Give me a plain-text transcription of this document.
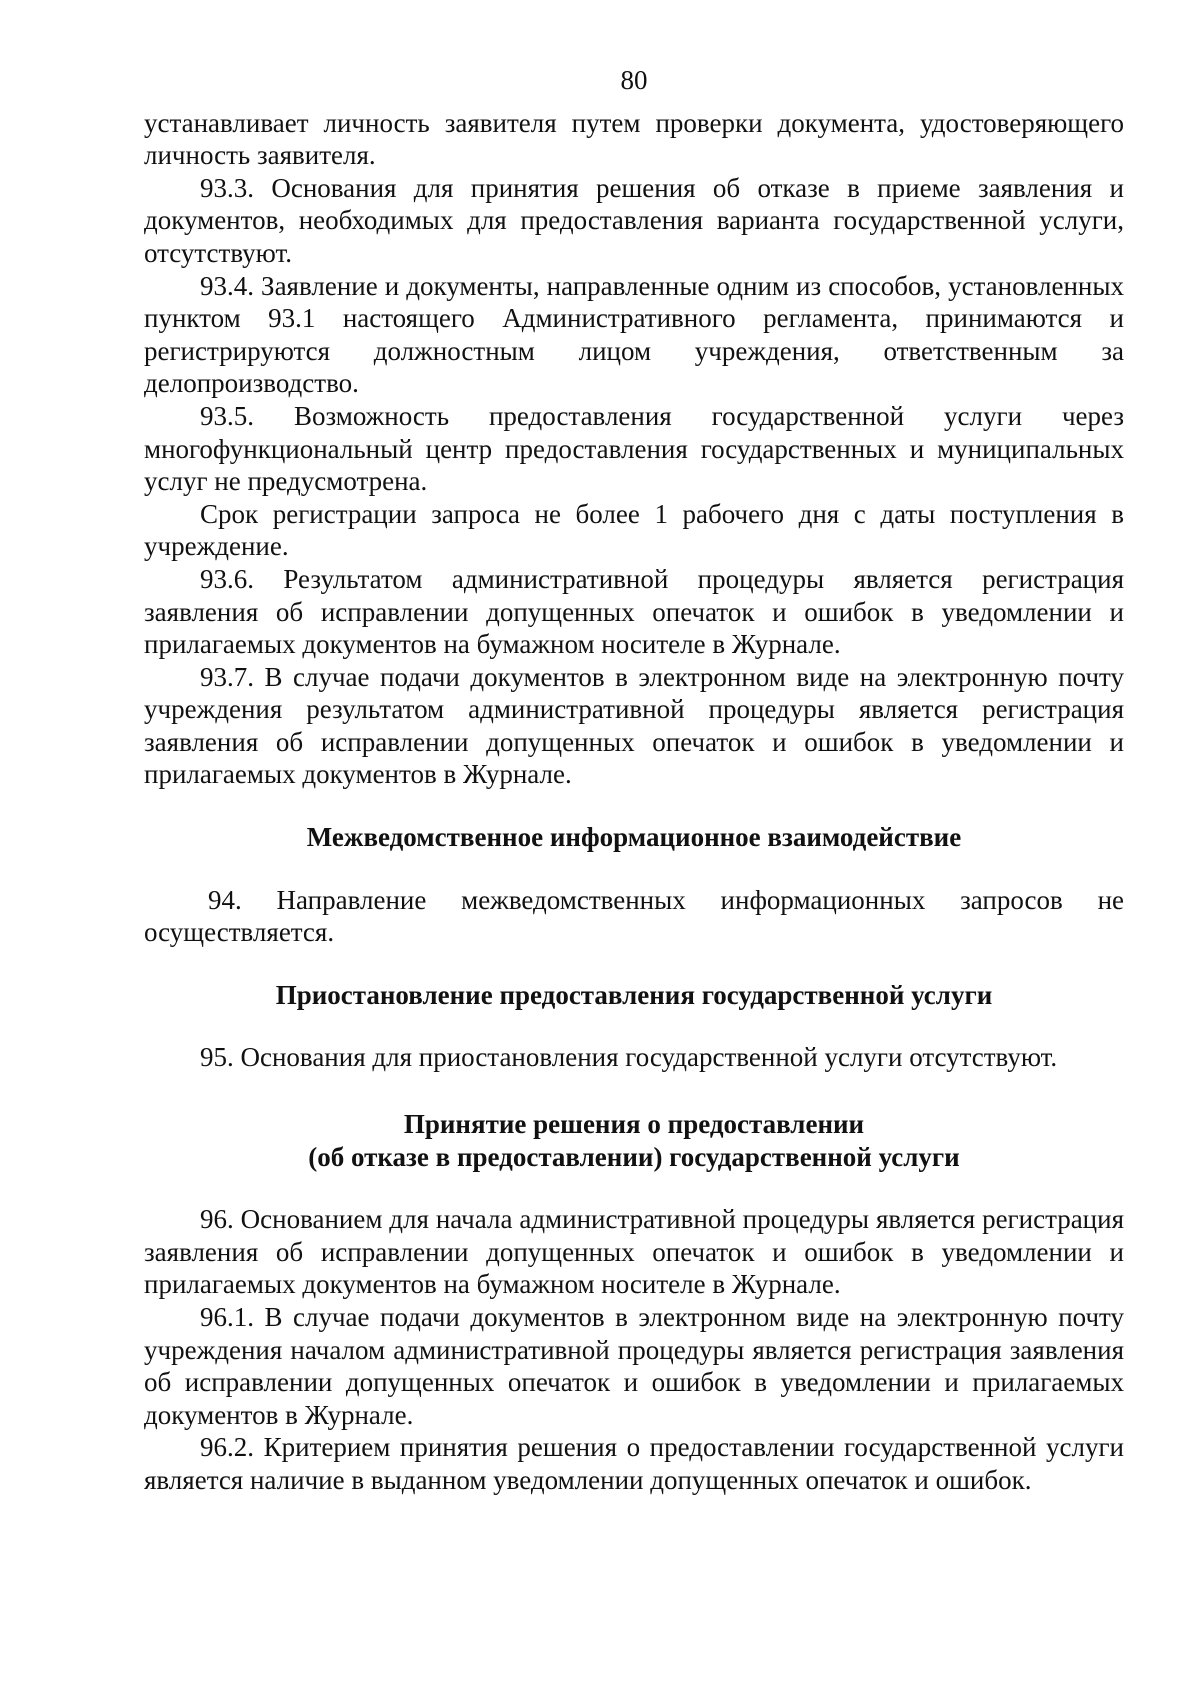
80

устанавливает личность заявителя путем проверки документа, удостоверяющего личность заявителя.

93.3. Основания для принятия решения об отказе в приеме заявления и документов, необходимых для предоставления варианта государственной услуги, отсутствуют.

93.4. Заявление и документы, направленные одним из способов, установленных пунктом 93.1 настоящего Административного регламента, принимаются и регистрируются должностным лицом учреждения, ответственным за делопроизводство.

93.5. Возможность предоставления государственной услуги через многофункциональный центр предоставления государственных и муниципальных услуг не предусмотрена.

Срок регистрации запроса не более 1 рабочего дня с даты поступления в учреждение.

93.6. Результатом административной процедуры является регистрация заявления об исправлении допущенных опечаток и ошибок в уведомлении и прилагаемых документов на бумажном носителе в Журнале.

93.7. В случае подачи документов в электронном виде на электронную почту учреждения результатом административной процедуры является регистрация заявления об исправлении допущенных опечаток и ошибок в уведомлении и прилагаемых документов в Журнале.

Межведомственное информационное взаимодействие

94. Направление межведомственных информационных запросов не осуществляется.

Приостановление предоставления государственной услуги

95. Основания для приостановления государственной услуги отсутствуют.

Принятие решения о предоставлении
(об отказе в предоставлении) государственной услуги

96. Основанием для начала административной процедуры является регистрация заявления об исправлении допущенных опечаток и ошибок в уведомлении и прилагаемых документов на бумажном носителе в Журнале.

96.1. В случае подачи документов в электронном виде на электронную почту учреждения началом административной процедуры является регистрация заявления об исправлении допущенных опечаток и ошибок в уведомлении и прилагаемых документов в Журнале.

96.2. Критерием принятия решения о предоставлении государственной услуги является наличие в выданном уведомлении допущенных опечаток и ошибок.
